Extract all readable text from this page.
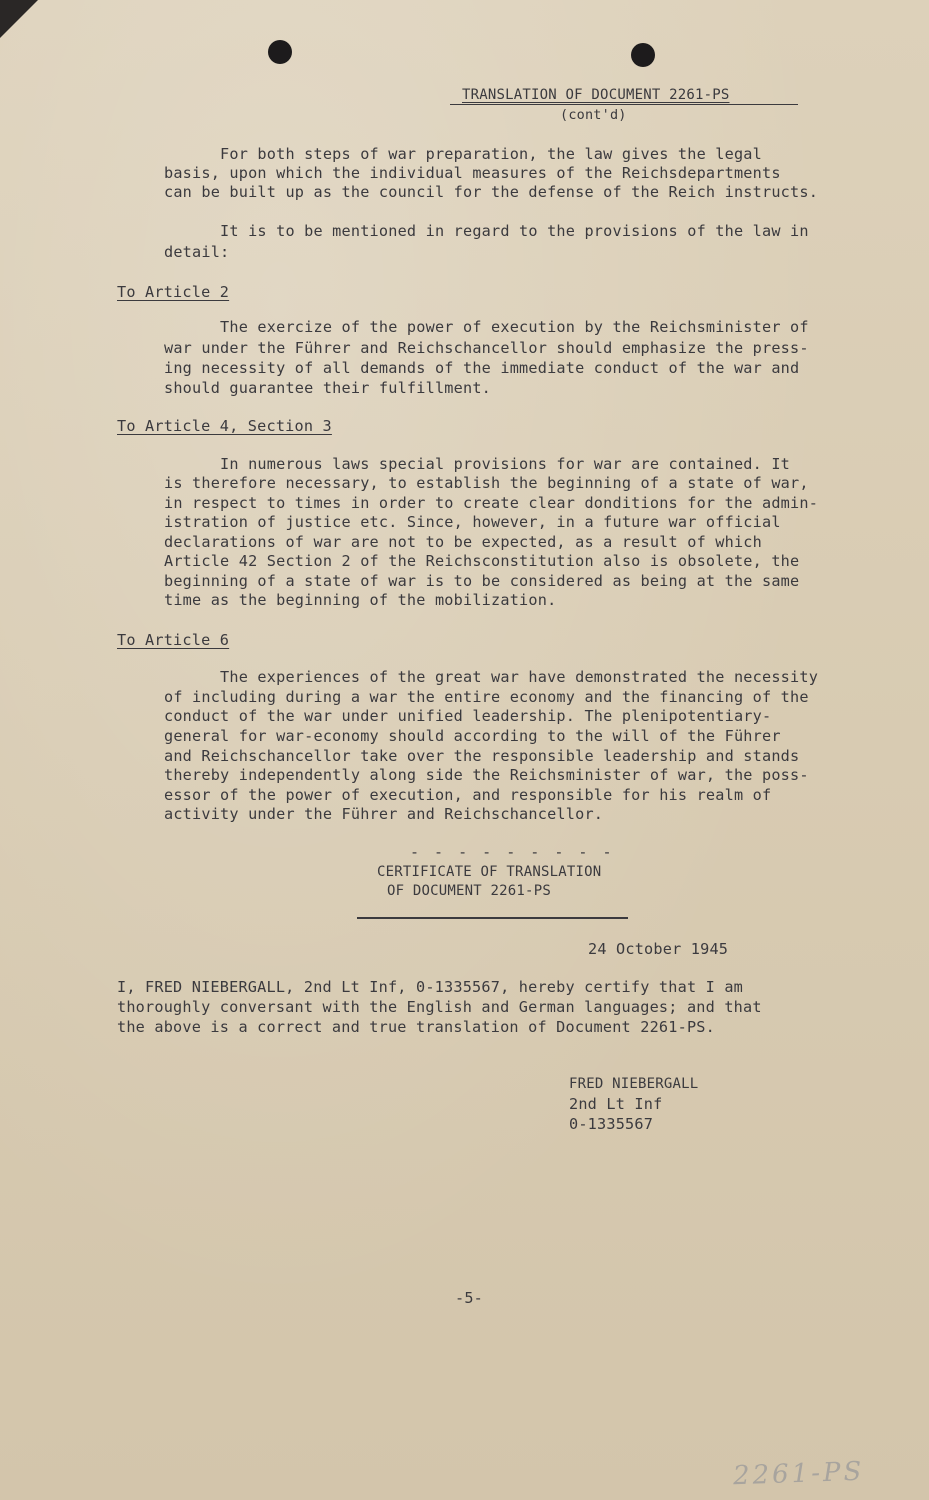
TRANSLATION OF DOCUMENT 2261-PS
(cont'd)
For both steps of war preparation, the law gives the legal
basis, upon which the individual measures of the Reichsdepartments
can be built up as the council for the defense of the Reich instructs.
It is to be mentioned in regard to the provisions of the law in
detail:
To Article 2
The exercize of the power of execution by the Reichsminister of
war under the Führer and Reichschancellor should emphasize the press-
ing necessity of all demands of the immediate conduct of the war and
should guarantee their fulfillment.
To Article 4, Section 3
In numerous laws special provisions for war are contained. It
is therefore necessary, to establish the beginning of a state of war,
in respect to times in order to create clear donditions for the admin-
istration of justice etc. Since, however, in a future war official
declarations of war are not to be expected, as a result of which
Article 42 Section 2 of the Reichsconstitution also is obsolete, the
beginning of a state of war is to be considered as being at the same
time as the beginning of the mobilization.
To Article 6
The experiences of the great war have demonstrated the necessity
of including during a war the entire economy and the financing of the
conduct of the war under unified leadership. The plenipotentiary-
general for war-economy should according to the will of the Führer
and Reichschancellor take over the responsible leadership and stands
thereby independently along side the Reichsminister of war, the poss-
essor of the power of execution, and responsible for his realm of
activity under the Führer and Reichschancellor.
- - - - - - - - -
CERTIFICATE OF TRANSLATION
OF DOCUMENT 2261-PS
24 October 1945
I, FRED NIEBERGALL, 2nd Lt Inf, 0-1335567, hereby certify that I am
thoroughly conversant with the English and German languages; and that
the above is a correct and true translation of Document 2261-PS.
FRED NIEBERGALL
2nd Lt Inf
0-1335567
-5-
2261-PS
